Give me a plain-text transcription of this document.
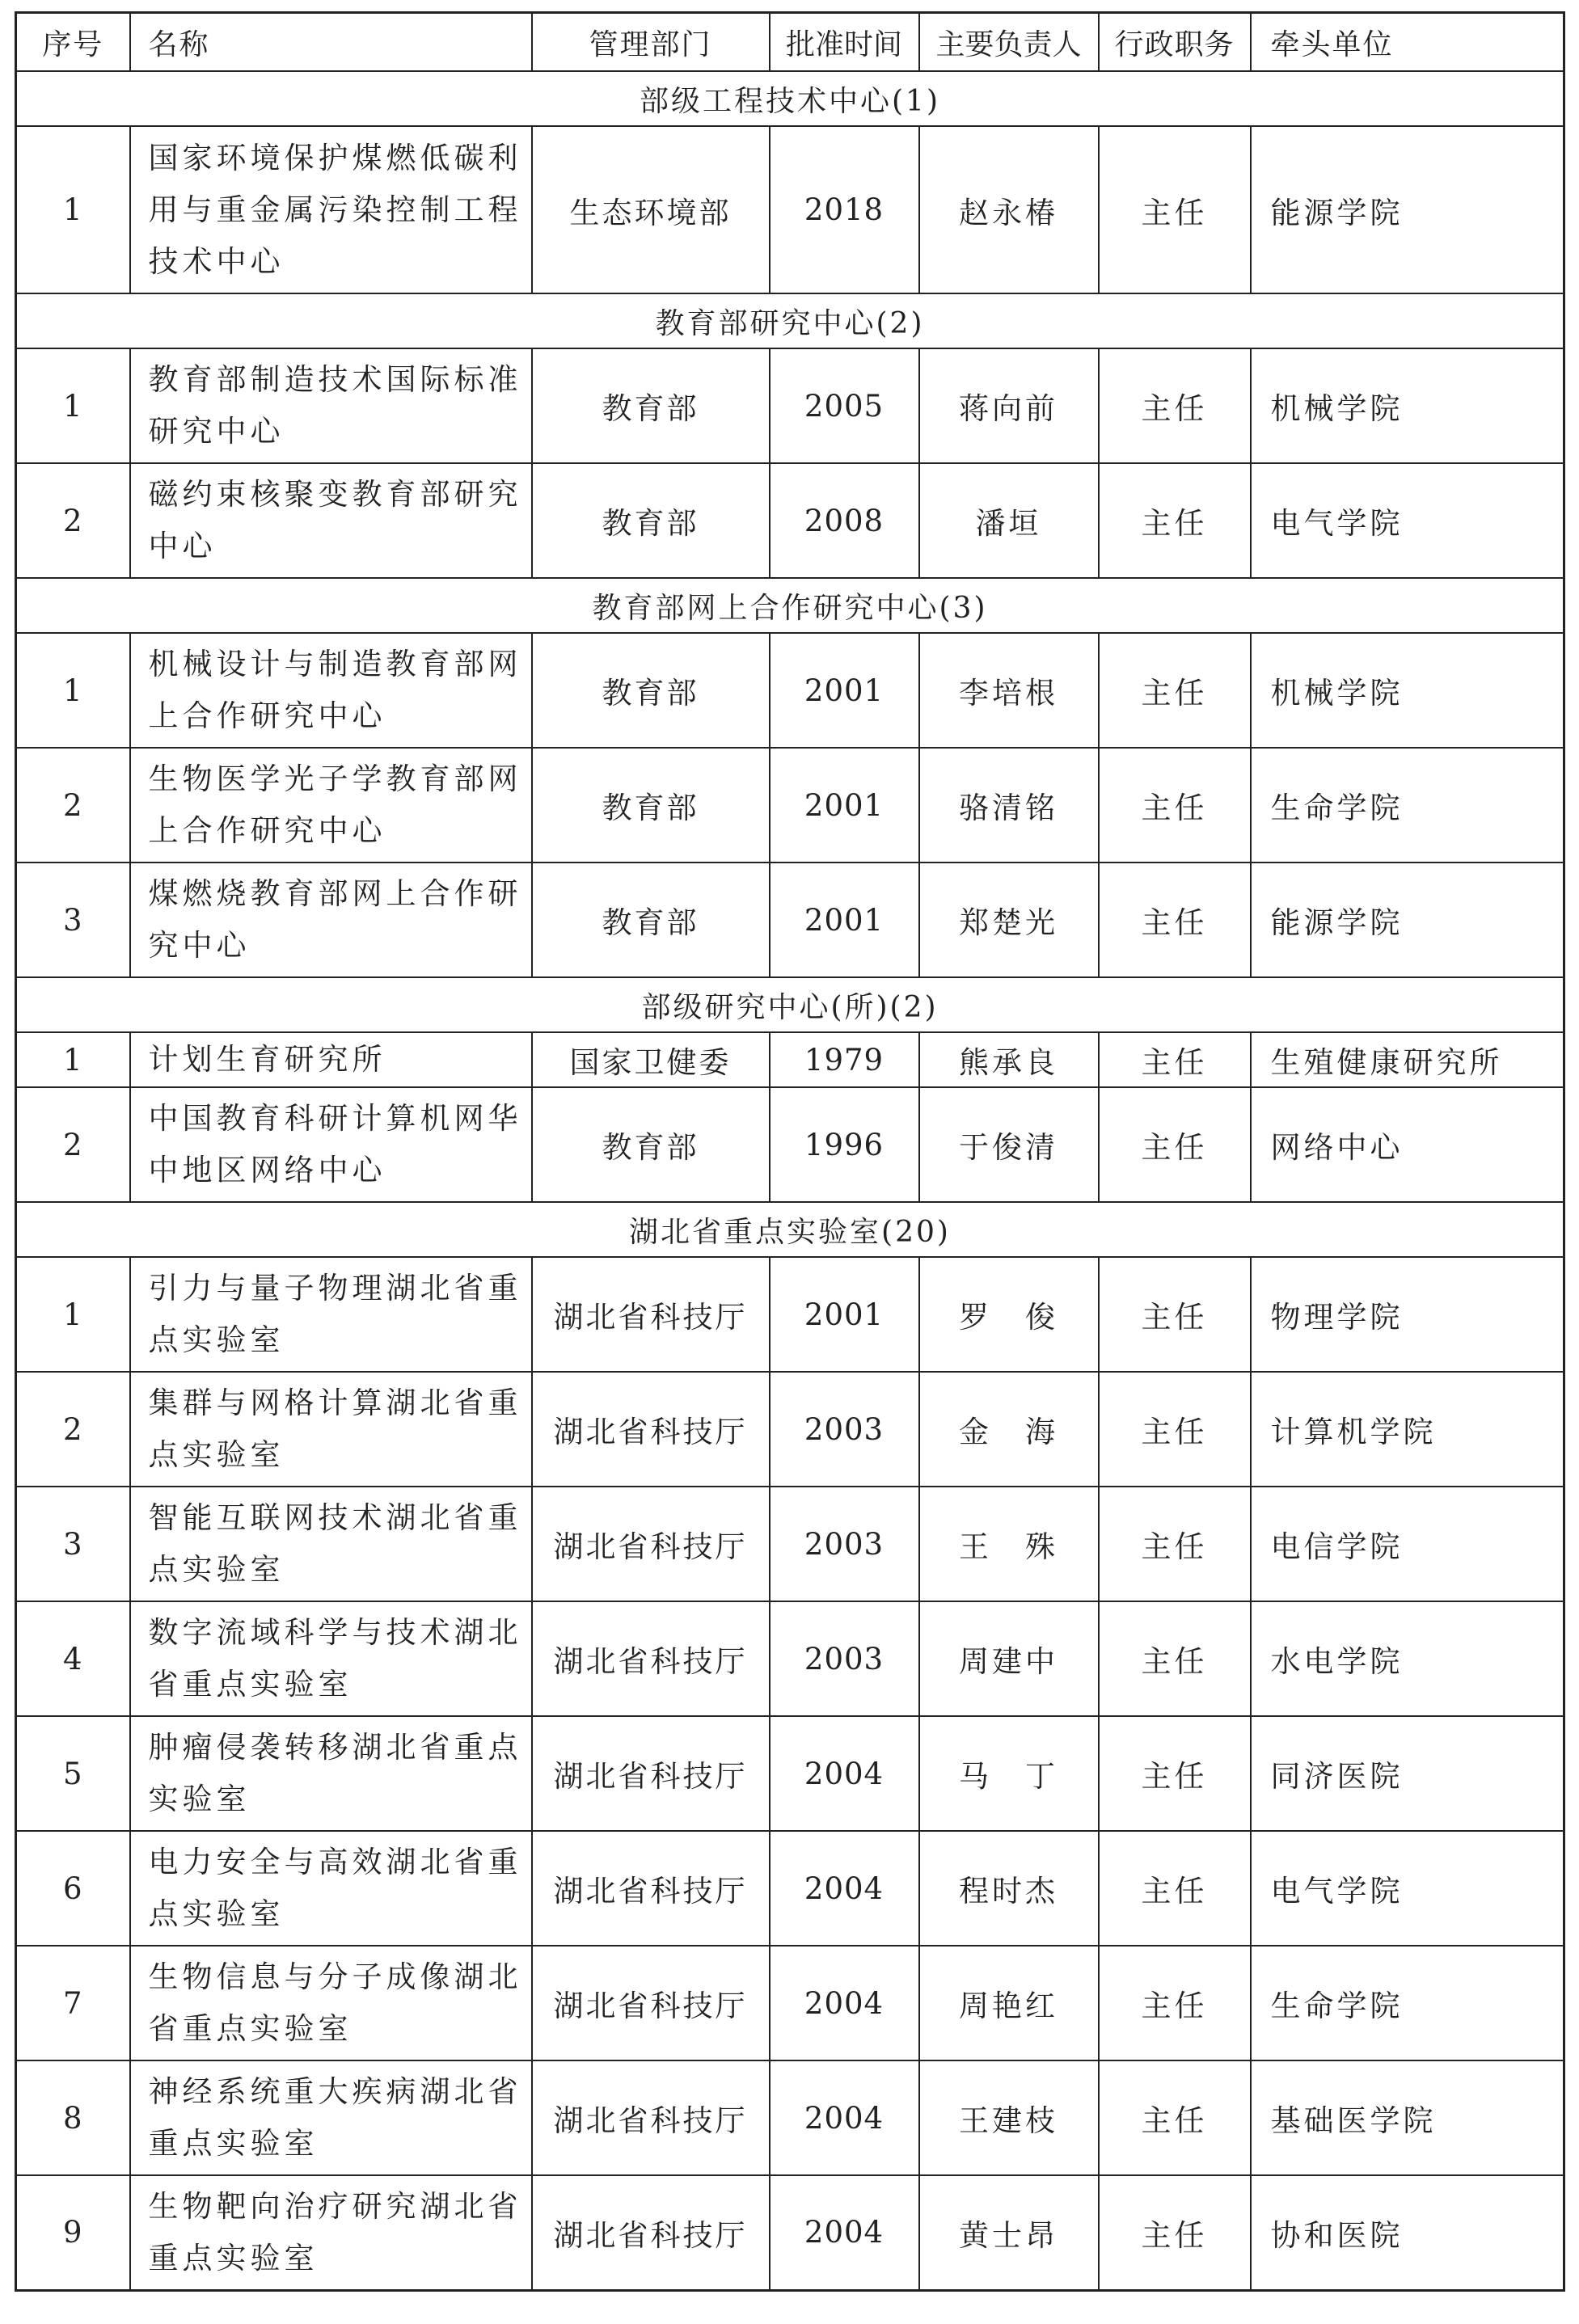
序号	名称	管理部门	批准时间	主要负责人	行政职务	牵头单位
部级工程技术中心(1)						
1	国家环境保护煤燃低碳利用与重金属污染控制工程技术中心	生态环境部	2018	赵永椿	主任	能源学院
教育部研究中心(2)						
1	教育部制造技术国际标准研究中心	教育部	2005	蒋向前	主任	机械学院
2	磁约束核聚变教育部研究中心	教育部	2008	潘垣	主任	电气学院
教育部网上合作研究中心(3)						
1	机械设计与制造教育部网上合作研究中心	教育部	2001	李培根	主任	机械学院
2	生物医学光子学教育部网上合作研究中心	教育部	2001	骆清铭	主任	生命学院
3	煤燃烧教育部网上合作研究中心	教育部	2001	郑楚光	主任	能源学院
部级研究中心(所)(2)						
1	计划生育研究所	国家卫健委	1979	熊承良	主任	生殖健康研究所
2	中国教育科研计算机网华中地区网络中心	教育部	1996	于俊清	主任	网络中心
湖北省重点实验室(20)						
1	引力与量子物理湖北省重点实验室	湖北省科技厅	2001	罗　俊	主任	物理学院
2	集群与网格计算湖北省重点实验室	湖北省科技厅	2003	金　海	主任	计算机学院
3	智能互联网技术湖北省重点实验室	湖北省科技厅	2003	王　殊	主任	电信学院
4	数字流域科学与技术湖北省重点实验室	湖北省科技厅	2003	周建中	主任	水电学院
5	肿瘤侵袭转移湖北省重点实验室	湖北省科技厅	2004	马　丁	主任	同济医院
6	电力安全与高效湖北省重点实验室	湖北省科技厅	2004	程时杰	主任	电气学院
7	生物信息与分子成像湖北省重点实验室	湖北省科技厅	2004	周艳红	主任	生命学院
8	神经系统重大疾病湖北省重点实验室	湖北省科技厅	2004	王建枝	主任	基础医学院
9	生物靶向治疗研究湖北省重点实验室	湖北省科技厅	2004	黄士昂	主任	协和医院
